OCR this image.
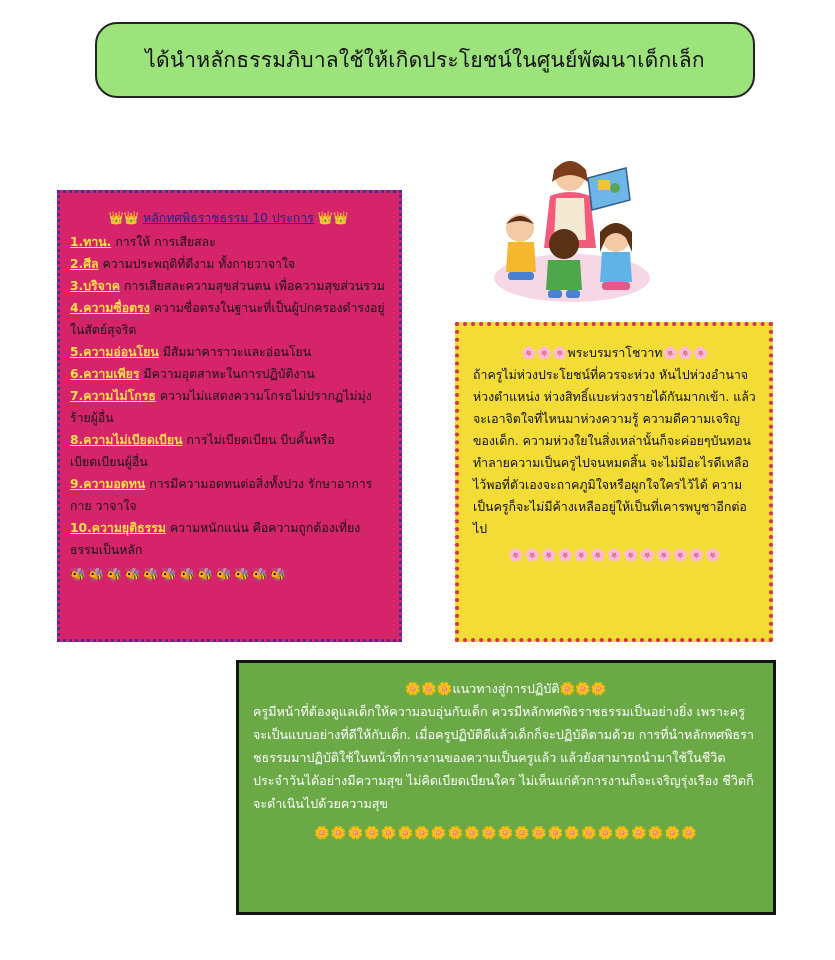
ได้นำหลักธรรมภิบาลใช้ให้เกิดประโยชน์ในศูนย์พัฒนาเด็กเล็ก
👑👑 หลักทศพิธราชธรรม 10 ประการ 👑👑
1.ทาน. การให้ การเสียสละ
2.ศีล ความประพฤติที่ดีงาม ทั้งกายวาจาใจ
3.บริจาค การเสียสละความสุขส่วนตน เพื่อความสุขส่วนรวม
4.ความซื่อตรง ความซื่อตรงในฐานะที่เป็นผู้ปกครองดำรงอยู่ในสัตย์สุจริต
5.ความอ่อนโยน มีสัมมาคาราวะและอ่อนโยน
6.ความเพียร มีความอุตสาหะในการปฏิบัติงาน
7.ความไม่โกรธ ความไม่แสดงความโกรธไม่ปรากฏไม่มุ่งร้ายผู้อื่น
8.ความไม่เบียดเบียน การไม่เบียดเบียน บีบคั้นหรือเบียดเบียนผู้อื่น
9.ความอดทน การมีความอดทนต่อสิ่งทั้งปวง รักษาอาการ กาย วาจาใจ
10.ความยุติธรรม ความหนักแน่น คือความถูกต้องเที่ยงธรรมเป็นหลัก
🐝🐝🐝🐝🐝🐝🐝🐝🐝🐝🐝🐝
🌸🌸🌸พระบรมราโชวาท🌸🌸🌸
ถ้าครูไม่ห่วงประโยชน์ที่ควรจะห่วง หันไปห่วงอำนาจ ห่วงตำแหน่ง ห่วงสิทธิ์แบะห่วงรายได้กันมากเข้า. แล้วจะเอาจิตใจที่ไหนมาห่วงความรู้ ความดีความเจริญของเด็ก. ความห่วงใยในสิ่งเหล่านั้นก็จะค่อยๆบันทอนทำลายความเป็นครูไปจนหมดสิ้น จะไม่มีอะไรดีเหลือไว้พอที่ตัวเองจะถาคภูมิใจหรือผูกใจใครไว้ได้ ความเป็นครูก็จะไม่มีค้างเหลืออยู่ให้เป็นที่เคารพบูชาอีกต่อไป
🌸🌸🌸🌸🌸🌸🌸🌸🌸🌸🌸🌸🌸
🌼🌼🌼แนวทางสู่การปฏิบัติ🌼🌼🌼
ครูมีหน้าที่ต้องดูแลเด็กให้ความอบอุ่นกับเด็ก ควรมีหลักทศพิธราชธรรมเป็นอย่างยิ่ง เพราะครูจะเป็นแบบอย่างที่ดีให้กับเด็ก. เมื่อครูปฏิบัติดีแล้วเด็กก็จะปฏิบัติตามด้วย การที่นำหลักทศพิธราชธรรมมาปฏิบัติใช้ในหน้าที่การงานของความเป็นครูแล้ว แล้วยังสามารถนำมาใช้ในชีวิตประจำวันได้อย่างมีความสุข ไม่คิดเบียดเบียนใคร ไม่เห็นแก่ตัวการงานก็จะเจริญรุ่งเรือง ชีวิตก็จะดำเนินไปด้วยความสุข
🌼🌼🌼🌼🌼🌼🌼🌼🌼🌼🌼🌼🌼🌼🌼🌼🌼🌼🌼🌼🌼🌼🌼
